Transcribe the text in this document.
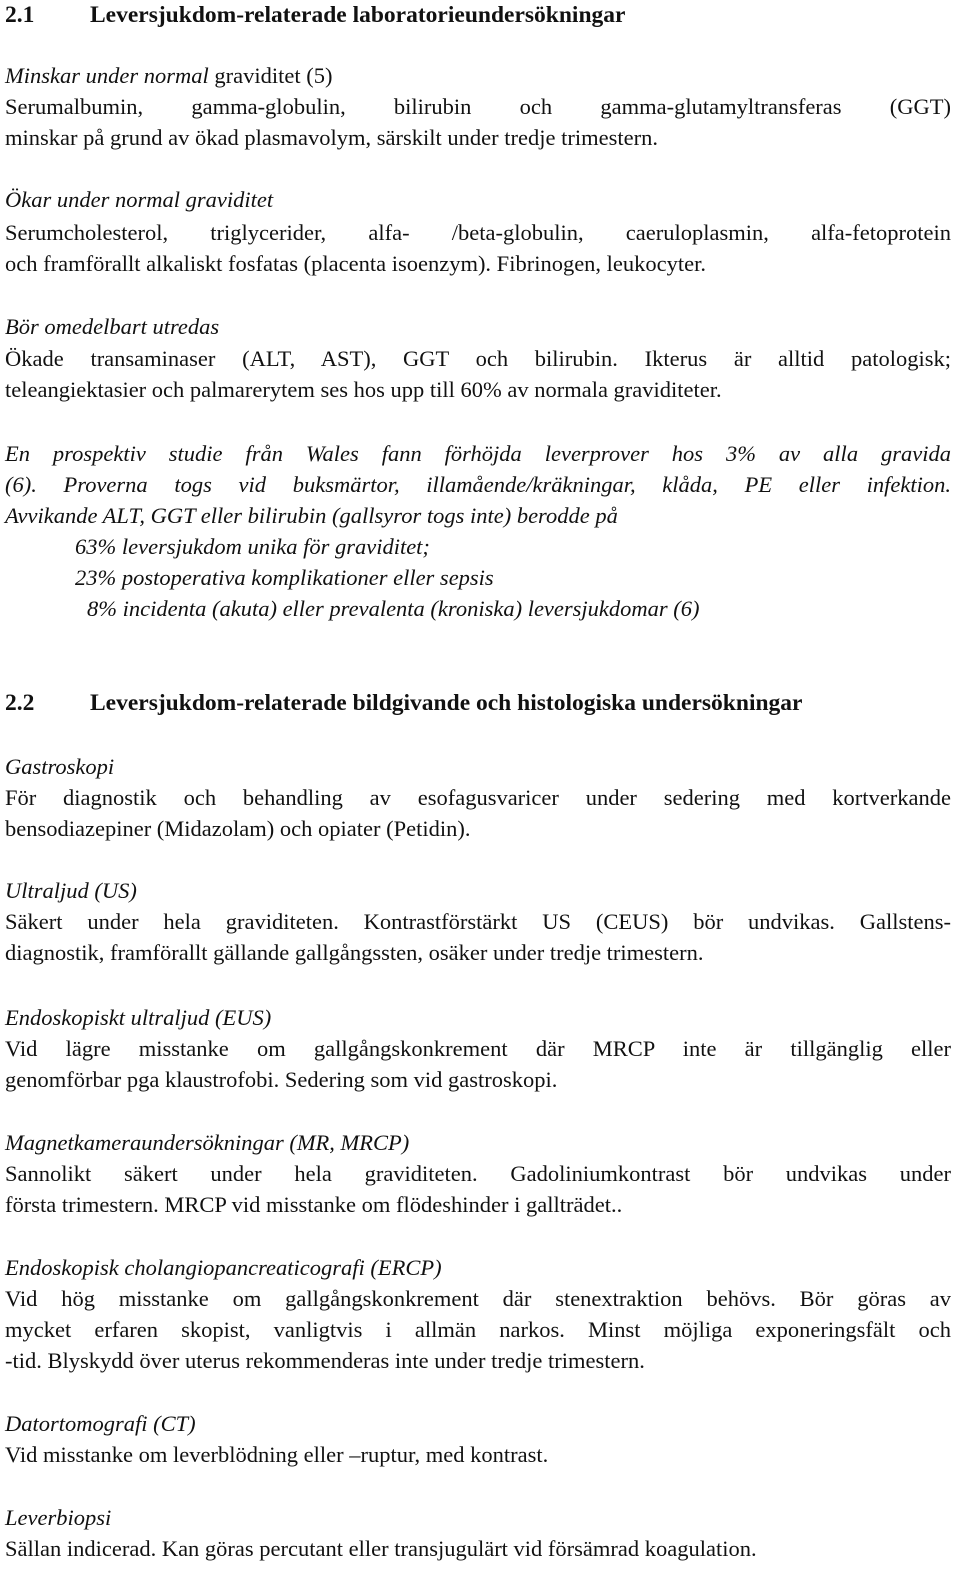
2.1 Leversjukdom-relaterade laboratorieundersökningar
Minskar under normal graviditet (5)
Serumalbumin, gamma-globulin, bilirubin och gamma-glutamyltransferas (GGT)
minskar på grund av ökad plasmavolym, särskilt under tredje trimestern.
Ökar under normal graviditet
Serumcholesterol, triglycerider, alfa- /beta-globulin, caeruloplasmin, alfa-fetoprotein
och framförallt alkaliskt fosfatas (placenta isoenzym). Fibrinogen, leukocyter.
Bör omedelbart utredas
Ökade transaminaser (ALT, AST), GGT och bilirubin. Ikterus är alltid patologisk;
teleangiektasier och palmarerytem ses hos upp till 60% av normala graviditeter.
En prospektiv studie från Wales fann förhöjda leverprover hos 3% av alla gravida
(6). Proverna togs vid buksmärtor, illamående/kräkningar, klåda, PE eller infektion.
Avvikande ALT, GGT eller bilirubin (gallsyror togs inte) berodde på
63% leversjukdom unika för graviditet;
23% postoperativa komplikationer eller sepsis
8% incidenta (akuta) eller prevalenta (kroniska) leversjukdomar (6)
2.2 Leversjukdom-relaterade bildgivande och histologiska undersökningar
Gastroskopi
För diagnostik och behandling av esofagusvaricer under sedering med kortverkande
bensodiazepiner (Midazolam) och opiater (Petidin).
Ultraljud (US)
Säkert under hela graviditeten. Kontrastförstärkt US (CEUS) bör undvikas. Gallstens-
diagnostik, framförallt gällande gallgångssten, osäker under tredje trimestern.
Endoskopiskt ultraljud (EUS)
Vid lägre misstanke om gallgångskonkrement där MRCP inte är tillgänglig eller
genomförbar pga klaustrofobi. Sedering som vid gastroskopi.
Magnetkameraundersökningar (MR, MRCP)
Sannolikt säkert under hela graviditeten. Gadoliniumkontrast bör undvikas under
första trimestern. MRCP vid misstanke om flödeshinder i gallträdet..
Endoskopisk cholangiopancreaticografi (ERCP)
Vid hög misstanke om gallgångskonkrement där stenextraktion behövs. Bör göras av
mycket erfaren skopist, vanligtvis i allmän narkos. Minst möjliga exponeringsfält och
-tid. Blyskydd över uterus rekommenderas inte under tredje trimestern.
Datortomografi (CT)
Vid misstanke om leverblödning eller –ruptur, med kontrast.
Leverbiopsi
Sällan indicerad. Kan göras percutant eller transjugulärt vid försämrad koagulation.
